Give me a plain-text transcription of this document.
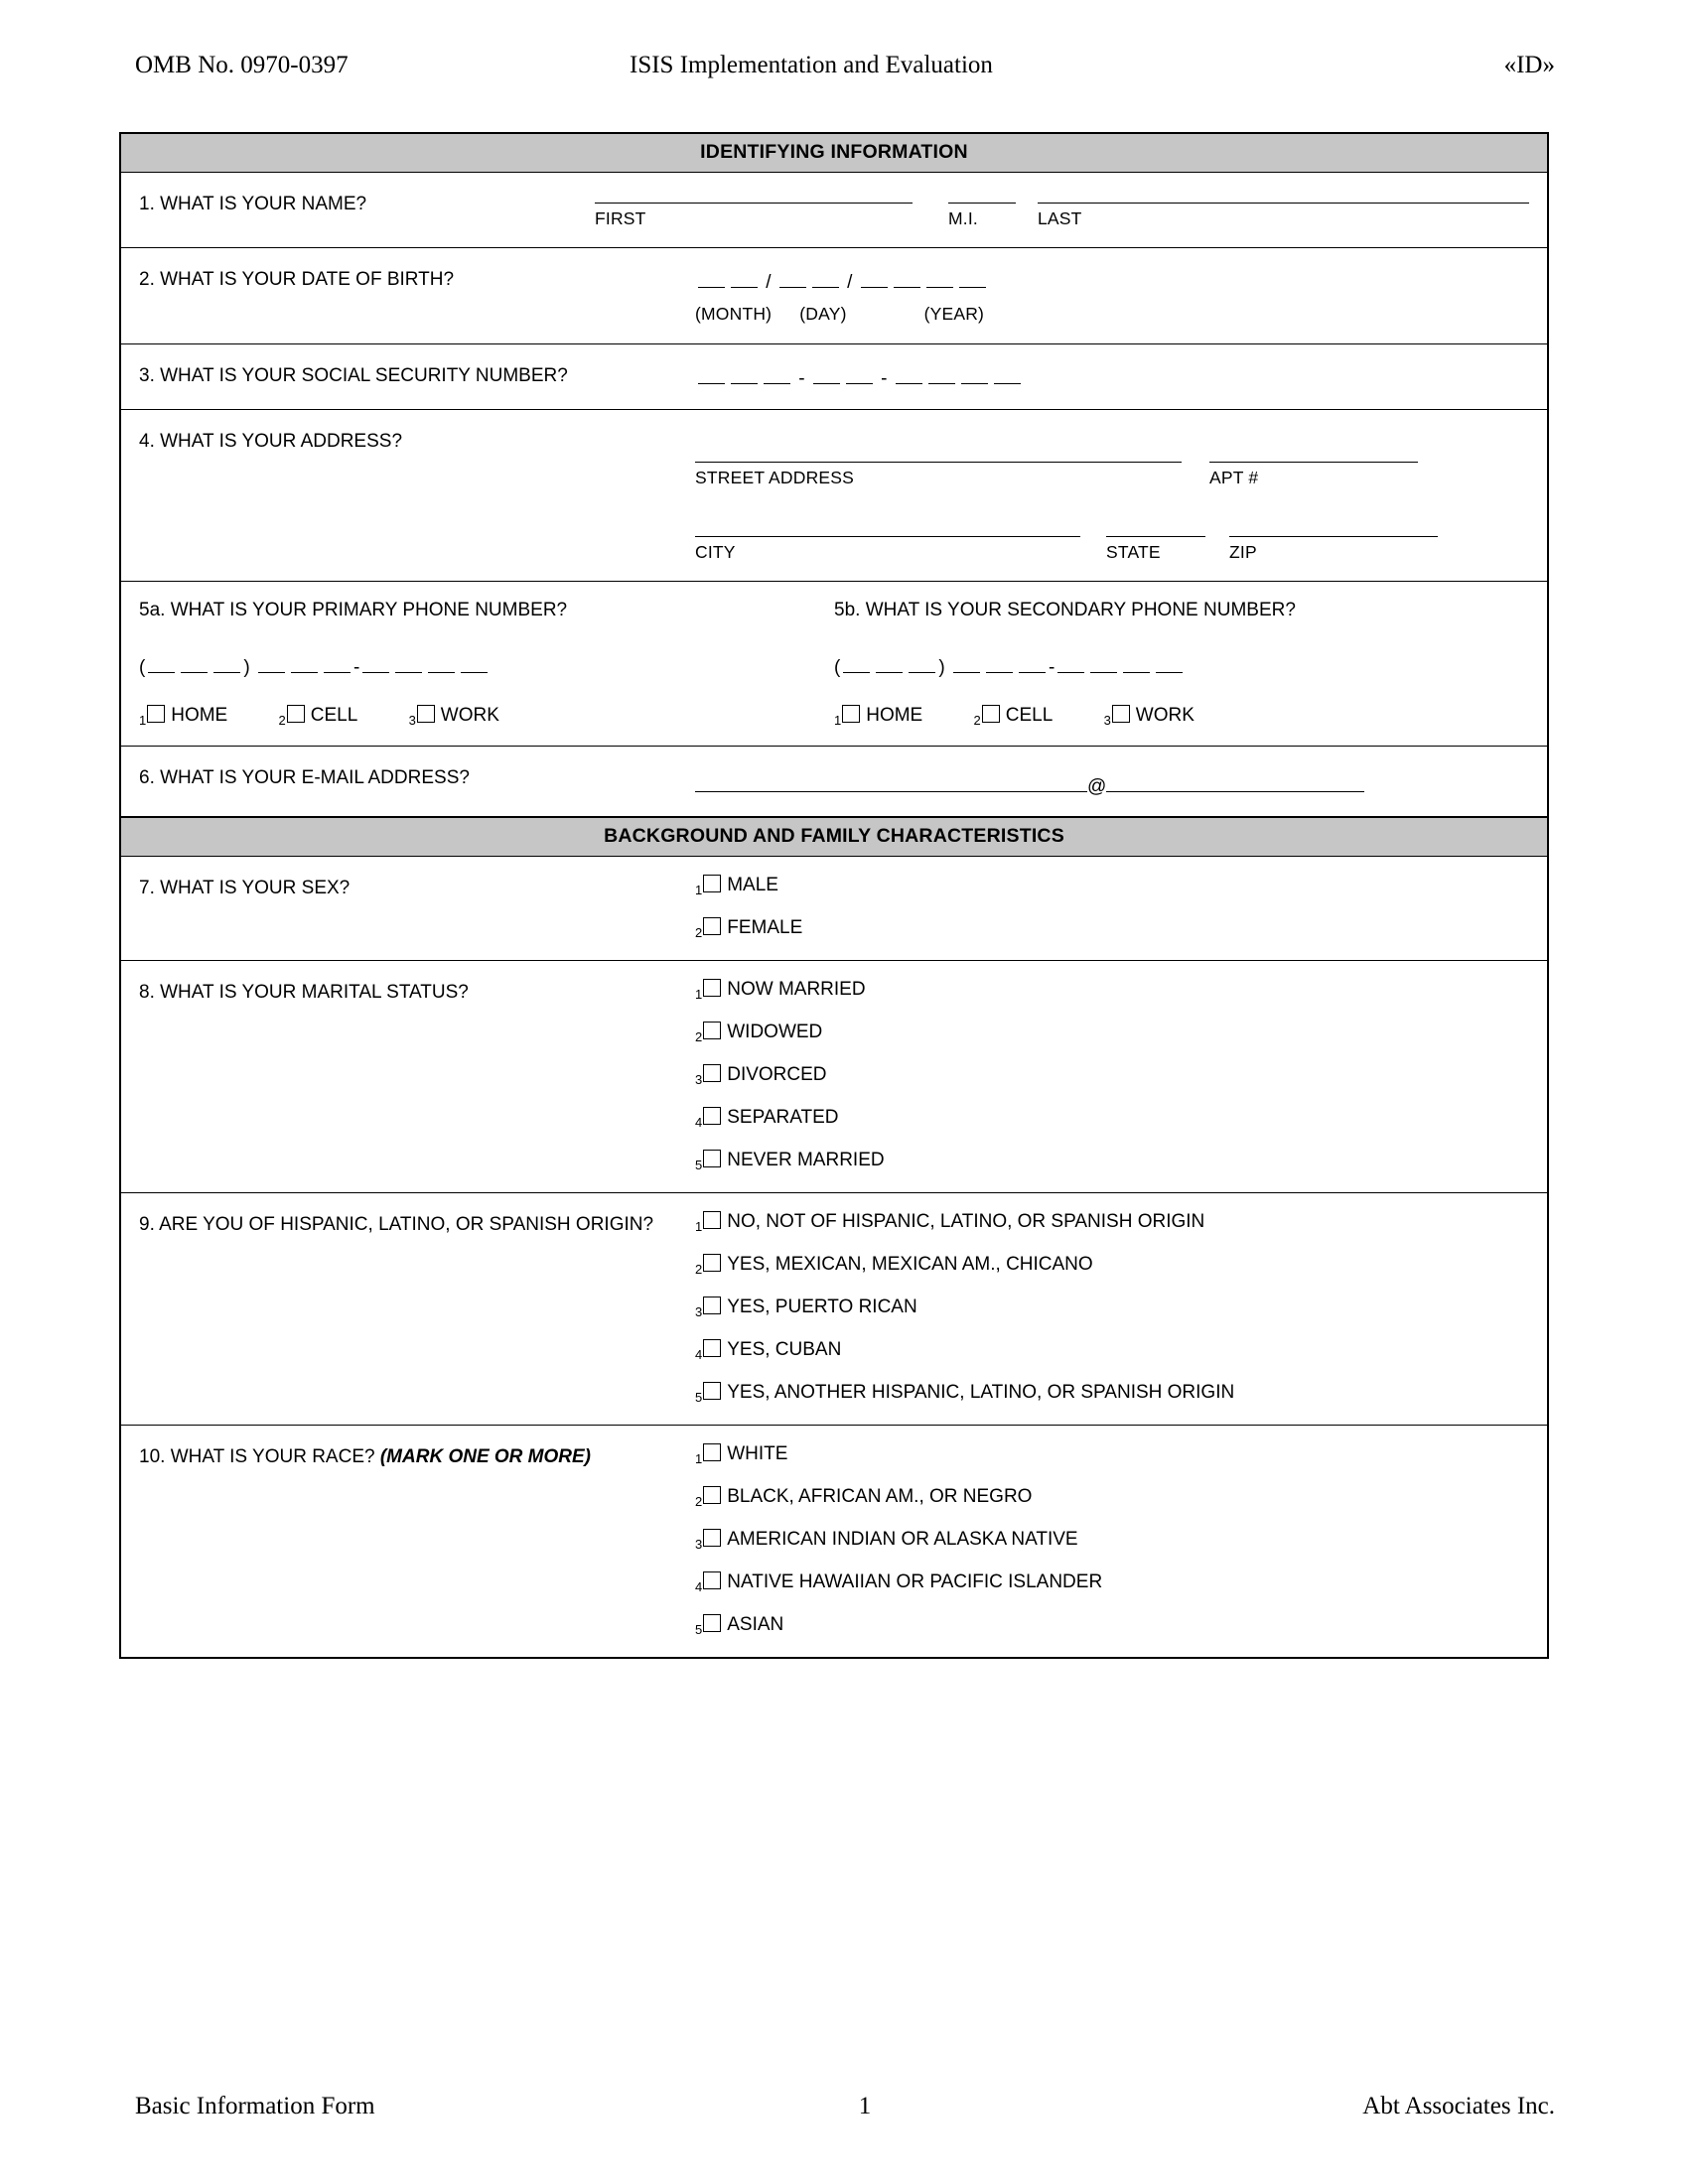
OMB No. 0970-0397	ISIS Implementation and Evaluation	«ID»
IDENTIFYING INFORMATION
1. WHAT IS YOUR NAME?
FIRST	M.I.	LAST
2. WHAT IS YOUR DATE OF BIRTH?	/	/
(MONTH) (DAY)	(YEAR)
3. WHAT IS YOUR SOCIAL SECURITY NUMBER?	-	-
4. WHAT IS YOUR ADDRESS?
STREET ADDRESS	APT #
CITY	STATE	ZIP
5a. WHAT IS YOUR PRIMARY PHONE NUMBER?
(	)	-
$_1$ HOME	$_2$ CELL	$_3$ WORK
5b. WHAT IS YOUR SECONDARY PHONE NUMBER?
(	)	-
$_1$ HOME	$_2$ CELL	$_3$ WORK
6. WHAT IS YOUR E-MAIL ADDRESS?	@
BACKGROUND AND FAMILY CHARACTERISTICS
7. WHAT IS YOUR SEX?	$_1$ MALE
$_2$ FEMALE
8. WHAT IS YOUR MARITAL STATUS?	$_1$ NOW MARRIED
$_2$ WIDOWED
$_3$ DIVORCED
$_4$ SEPARATED
$_5$ NEVER MARRIED
9. ARE YOU OF HISPANIC, LATINO, OR SPANISH ORIGIN?	$_1$ NO, NOT OF HISPANIC, LATINO, OR SPANISH ORIGIN
$_2$ YES, MEXICAN, MEXICAN AM., CHICANO
$_3$ YES, PUERTO RICAN
$_4$ YES, CUBAN
$_5$ YES, ANOTHER HISPANIC, LATINO, OR SPANISH ORIGIN
10. WHAT IS YOUR RACE? (MARK ONE OR MORE)	$_1$ WHITE
$_2$ BLACK, AFRICAN AM., OR NEGRO
$_3$ AMERICAN INDIAN OR ALASKA NATIVE
$_4$ NATIVE HAWAIIAN OR PACIFIC ISLANDER
$_5$ ASIAN
Basic Information Form	1	Abt Associates Inc.
